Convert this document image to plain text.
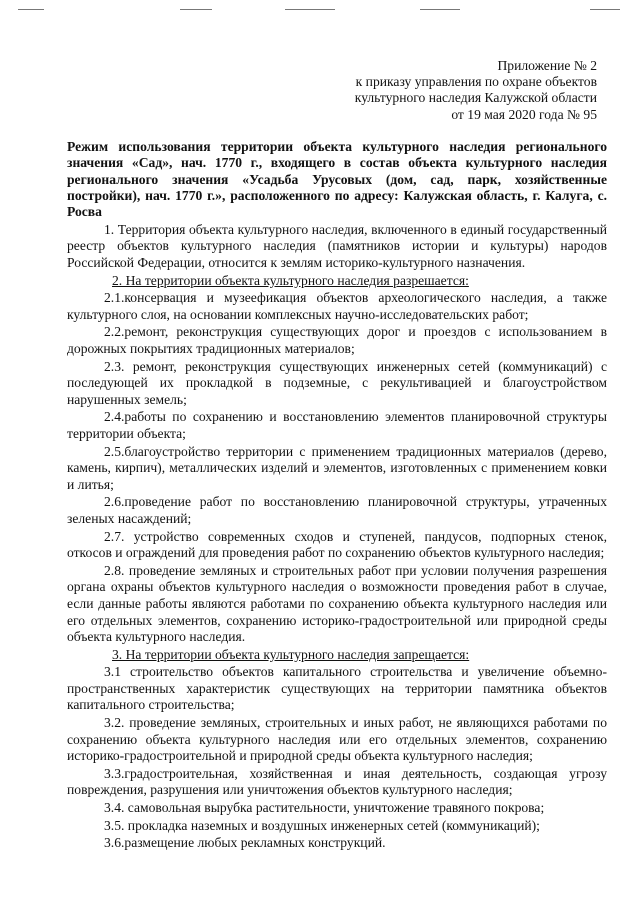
Приложение № 2
к приказу управления по охране объектов
культурного наследия Калужской области
от 19 мая 2020 года № 95
Режим использования территории объекта культурного наследия регионального значения «Сад», нач. 1770 г., входящего в состав объекта культурного наследия регионального значения «Усадьба Урусовых (дом, сад, парк, хозяйственные постройки), нач. 1770 г.», расположенного по адресу: Калужская область, г. Калуга, с. Росва

1. Территория объекта культурного наследия, включенного в единый государственный реестр объектов культурного наследия (памятников истории и культуры) народов Российской Федерации, относится к землям историко-культурного назначения.

2. На территории объекта культурного наследия разрешается:

2.1.консервация и музеефикация объектов археологического наследия, а также культурного слоя, на основании комплексных научно-исследовательских работ;

2.2.ремонт, реконструкция существующих дорог и проездов с использованием в дорожных покрытиях традиционных материалов;

2.3. ремонт, реконструкция существующих инженерных сетей (коммуникаций) с последующей их прокладкой в подземные, с рекультивацией и благоустройством нарушенных земель;

2.4.работы по сохранению и восстановлению элементов планировочной структуры территории объекта;

2.5.благоустройство территории с применением традиционных материалов (дерево, камень, кирпич), металлических изделий и элементов, изготовленных с применением ковки и литья;

2.6.проведение работ по восстановлению планировочной структуры, утраченных зеленых насаждений;

2.7. устройство современных сходов и ступеней, пандусов, подпорных стенок, откосов и ограждений для проведения работ по сохранению объектов культурного наследия;

2.8. проведение земляных и строительных работ при условии получения разрешения органа охраны объектов культурного наследия о возможности проведения работ в случае, если данные работы являются работами по сохранению объекта культурного наследия или его отдельных элементов, сохранению историко-градостроительной или природной среды объекта культурного наследия.

3. На территории объекта культурного наследия запрещается:

3.1 строительство объектов капитального строительства и увеличение объемно-пространственных характеристик существующих на территории памятника объектов капитального строительства;

3.2. проведение земляных, строительных и иных работ, не являющихся работами по сохранению объекта культурного наследия или его отдельных элементов, сохранению историко-градостроительной и природной среды объекта культурного наследия;

3.3.градостроительная, хозяйственная и иная деятельность, создающая угрозу повреждения, разрушения или уничтожения объектов культурного наследия;

3.4. самовольная вырубка растительности, уничтожение травяного покрова;

3.5. прокладка наземных и воздушных инженерных сетей (коммуникаций);

3.6.размещение любых рекламных конструкций.
